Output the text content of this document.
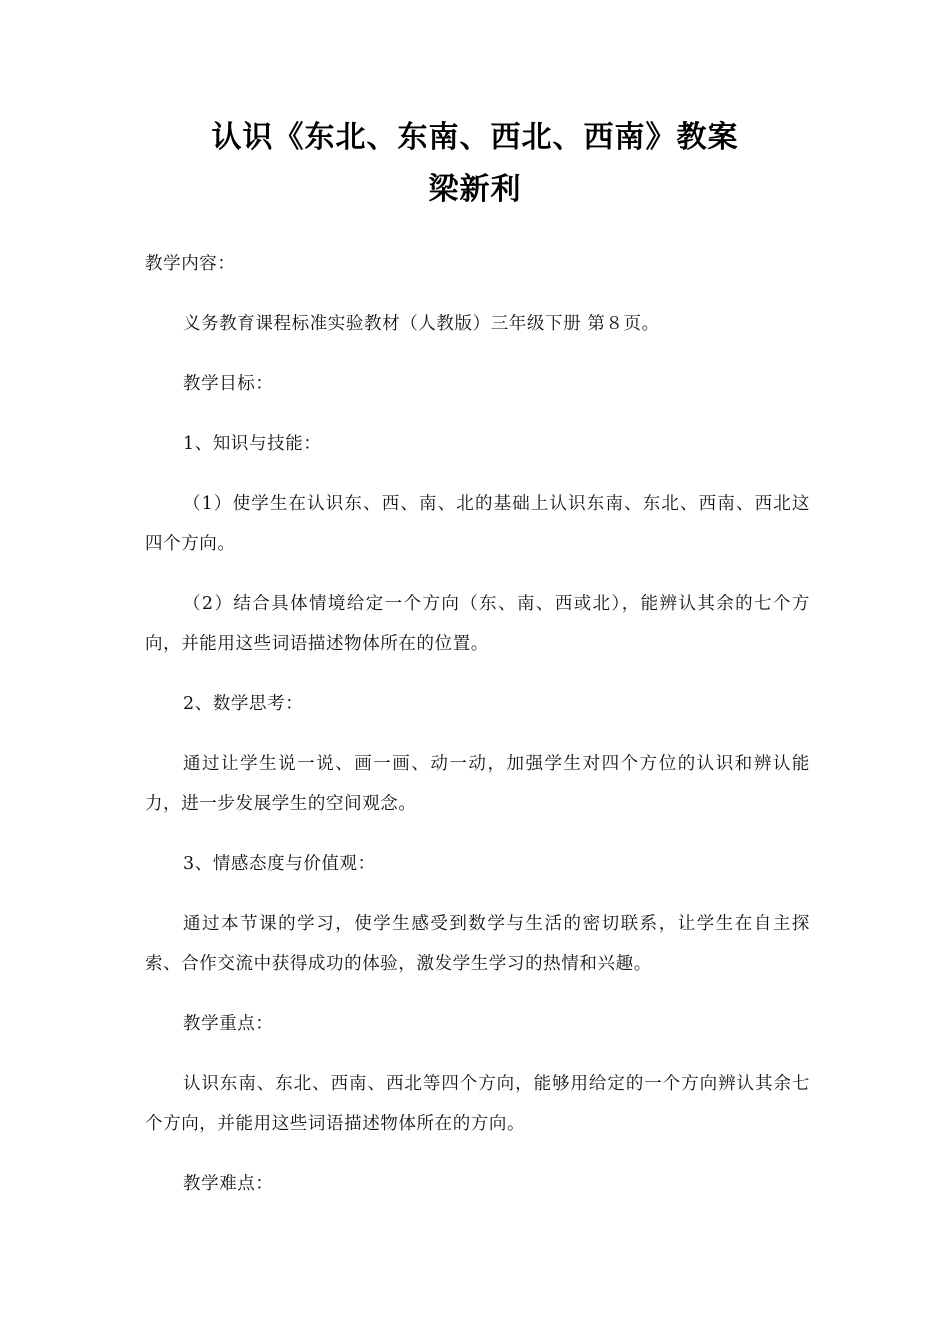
认识《东北、东南、西北、西南》教案
梁新利
教学内容：
义务教育课程标准实验教材（人教版）三年级下册 第８页。
教学目标：
1、知识与技能：
（1）使学生在认识东、西、南、北的基础上认识东南、东北、西南、西北这四个方向。
（2）结合具体情境给定一个方向（东、南、西或北），能辨认其余的七个方向，并能用这些词语描述物体所在的位置。
2、数学思考：
通过让学生说一说、画一画、动一动，加强学生对四个方位的认识和辨认能力，进一步发展学生的空间观念。
3、情感态度与价值观：
通过本节课的学习，使学生感受到数学与生活的密切联系，让学生在自主探索、合作交流中获得成功的体验，激发学生学习的热情和兴趣。
教学重点：
认识东南、东北、西南、西北等四个方向，能够用给定的一个方向辨认其余七个方向，并能用这些词语描述物体所在的方向。
教学难点：
